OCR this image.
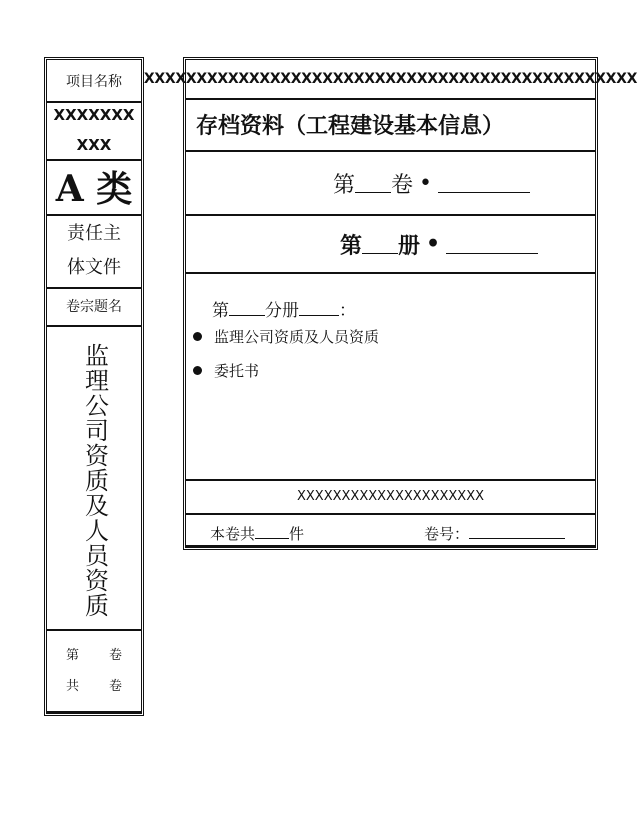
项目名称
XXXXXXX
XXX
A 类
责任主
体文件
卷宗题名
监理公司资质及人员资质
第 卷
共 卷
XXXXXXXXXXXXXXXXXXXXXXXXXXXXXXXXXXXXXXXXXXXXXXX
存档资料（工程建设基本信息）
第 卷 •
第 册 •
第 分册 ：
监理公司资质及人员资质
委托书
XXXXXXXXXXXXXXXXXXXXX
本卷共 件	卷号：
